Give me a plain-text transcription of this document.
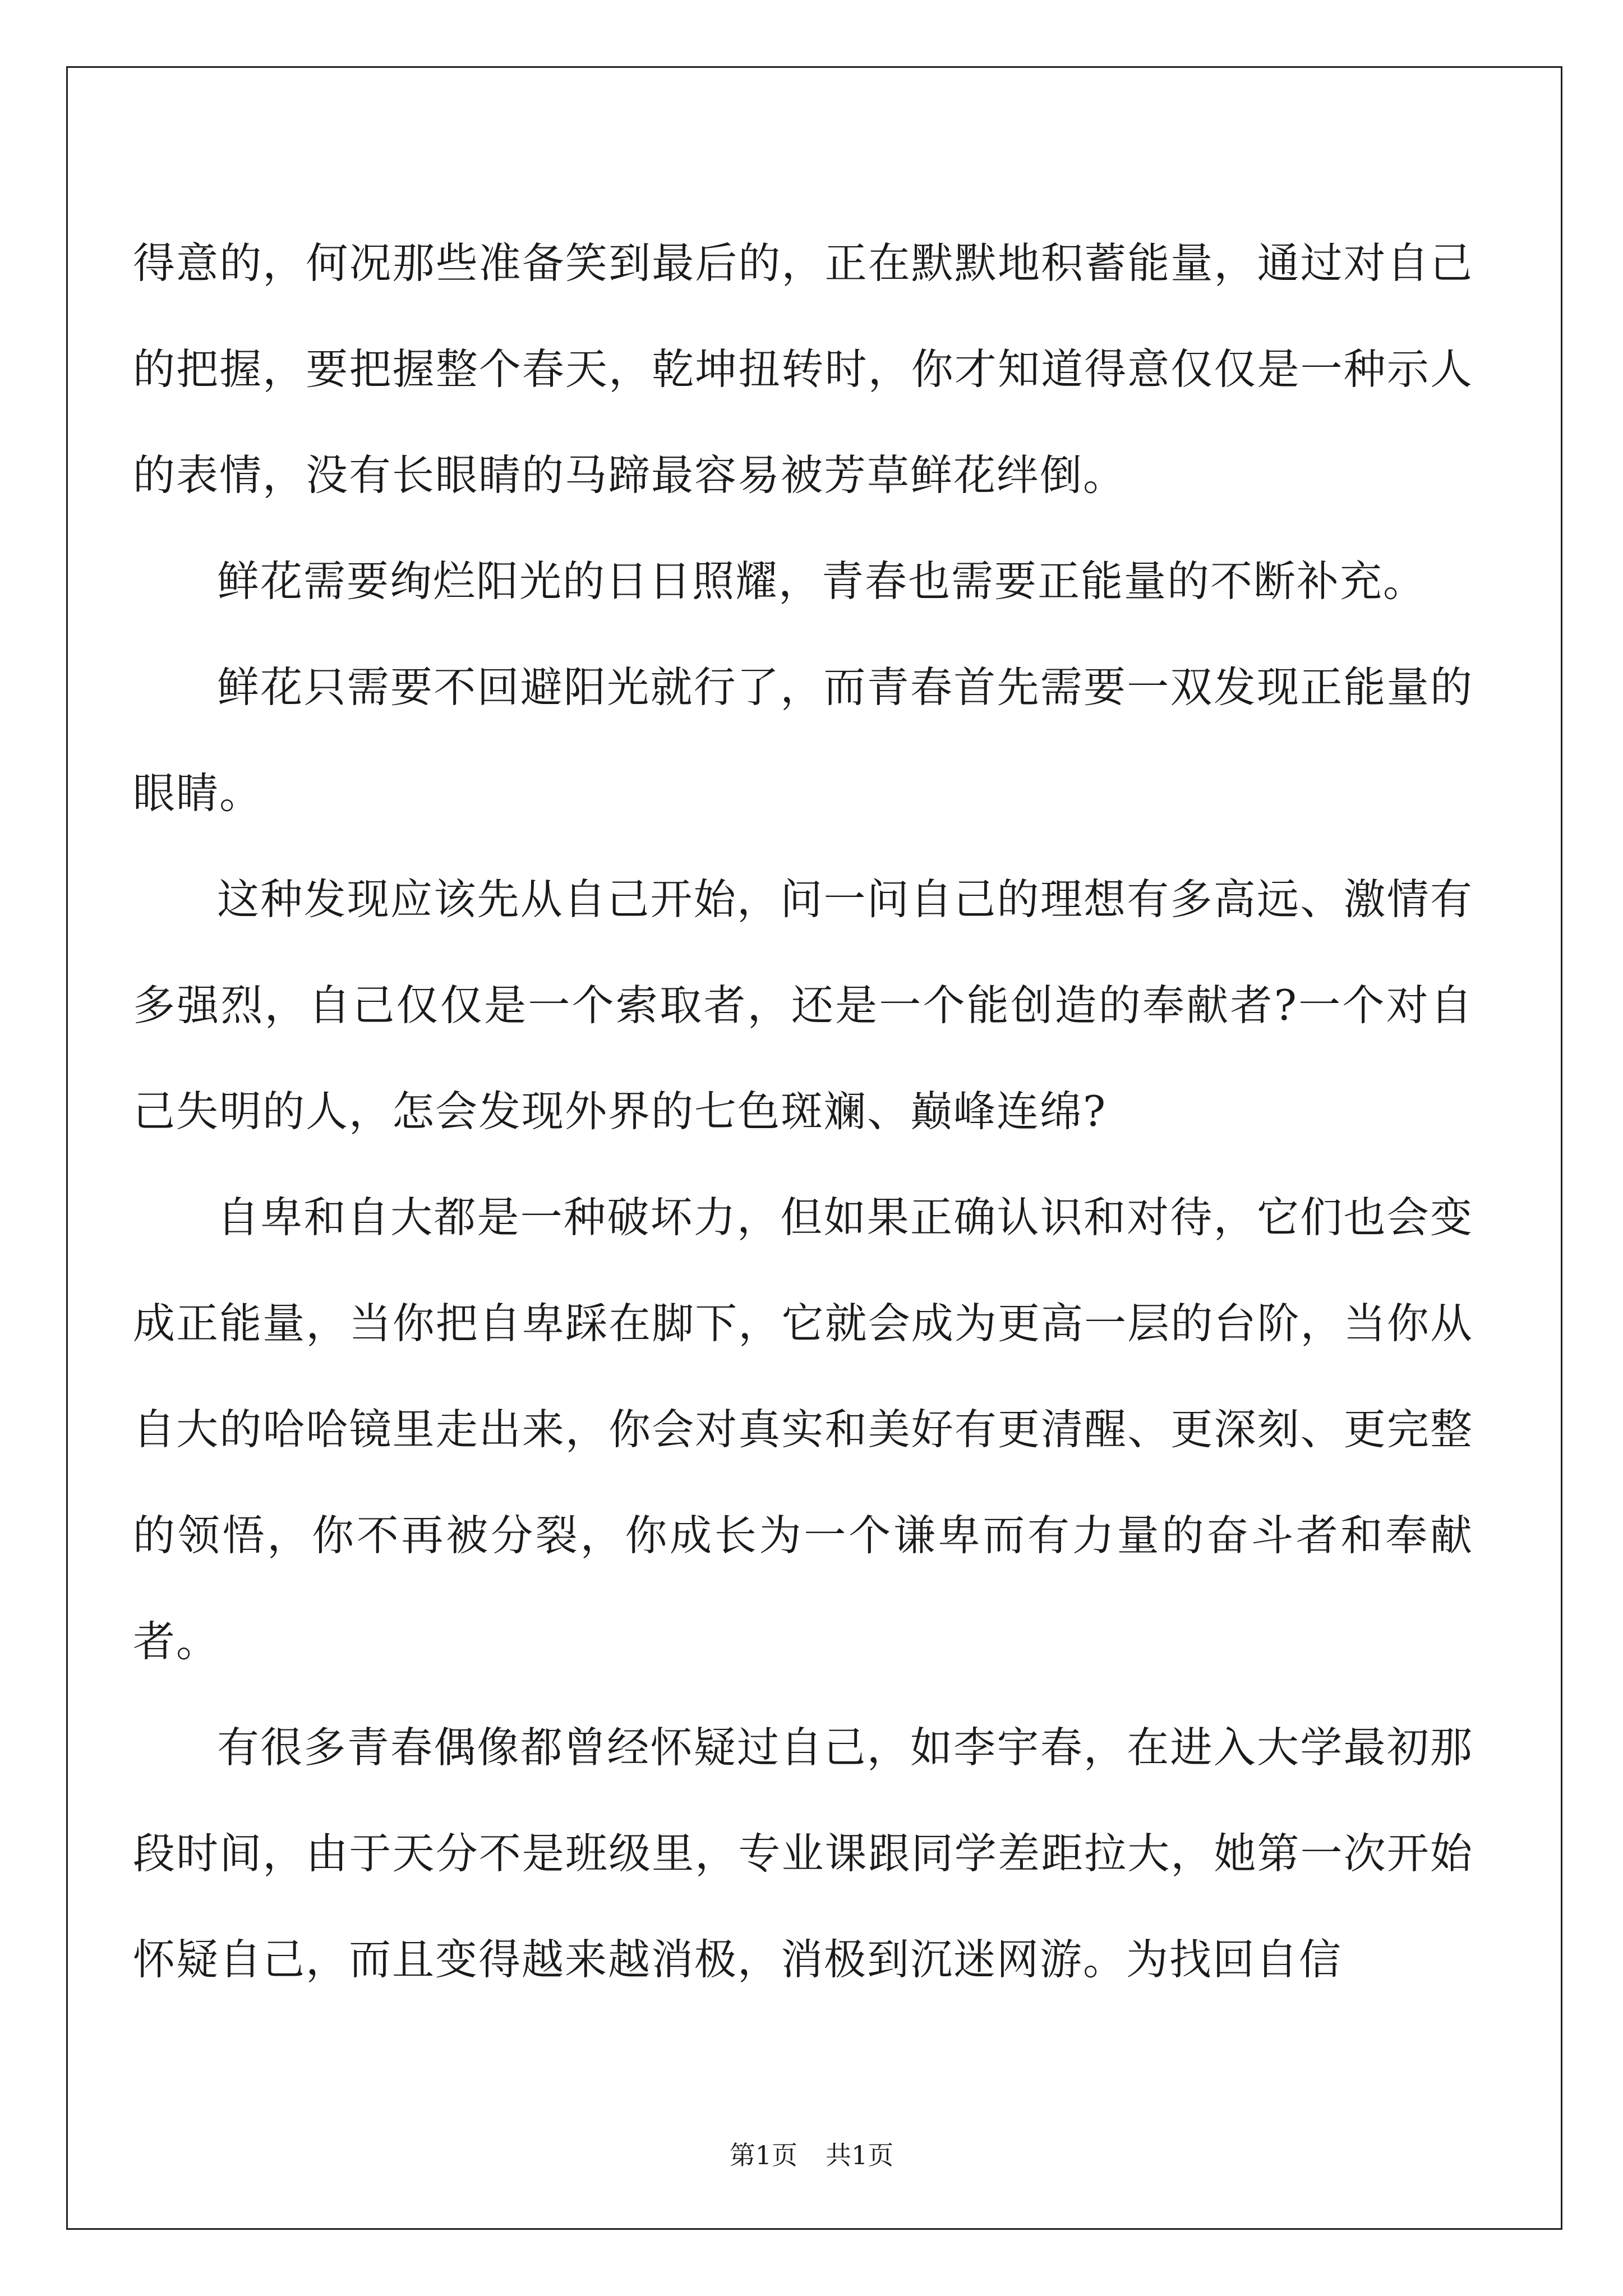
得意的，何况那些准备笑到最后的，正在默默地积蓄能量，通过对自己的把握，要把握整个春天，乾坤扭转时，你才知道得意仅仅是一种示人的表情，没有长眼睛的马蹄最容易被芳草鲜花绊倒。

鲜花需要绚烂阳光的日日照耀，青春也需要正能量的不断补充。

鲜花只需要不回避阳光就行了，而青春首先需要一双发现正能量的眼睛。

这种发现应该先从自己开始，问一问自己的理想有多高远、激情有多强烈，自己仅仅是一个索取者，还是一个能创造的奉献者?一个对自己失明的人，怎会发现外界的七色斑斓、巅峰连绵?

自卑和自大都是一种破坏力，但如果正确认识和对待，它们也会变成正能量，当你把自卑踩在脚下，它就会成为更高一层的台阶，当你从自大的哈哈镜里走出来，你会对真实和美好有更清醒、更深刻、更完整的领悟，你不再被分裂，你成长为一个谦卑而有力量的奋斗者和奉献者。

有很多青春偶像都曾经怀疑过自己，如李宇春，在进入大学最初那段时间，由于天分不是班级里，专业课跟同学差距拉大，她第一次开始怀疑自己，而且变得越来越消极，消极到沉迷网游。为找回自信

第1页 共1页
